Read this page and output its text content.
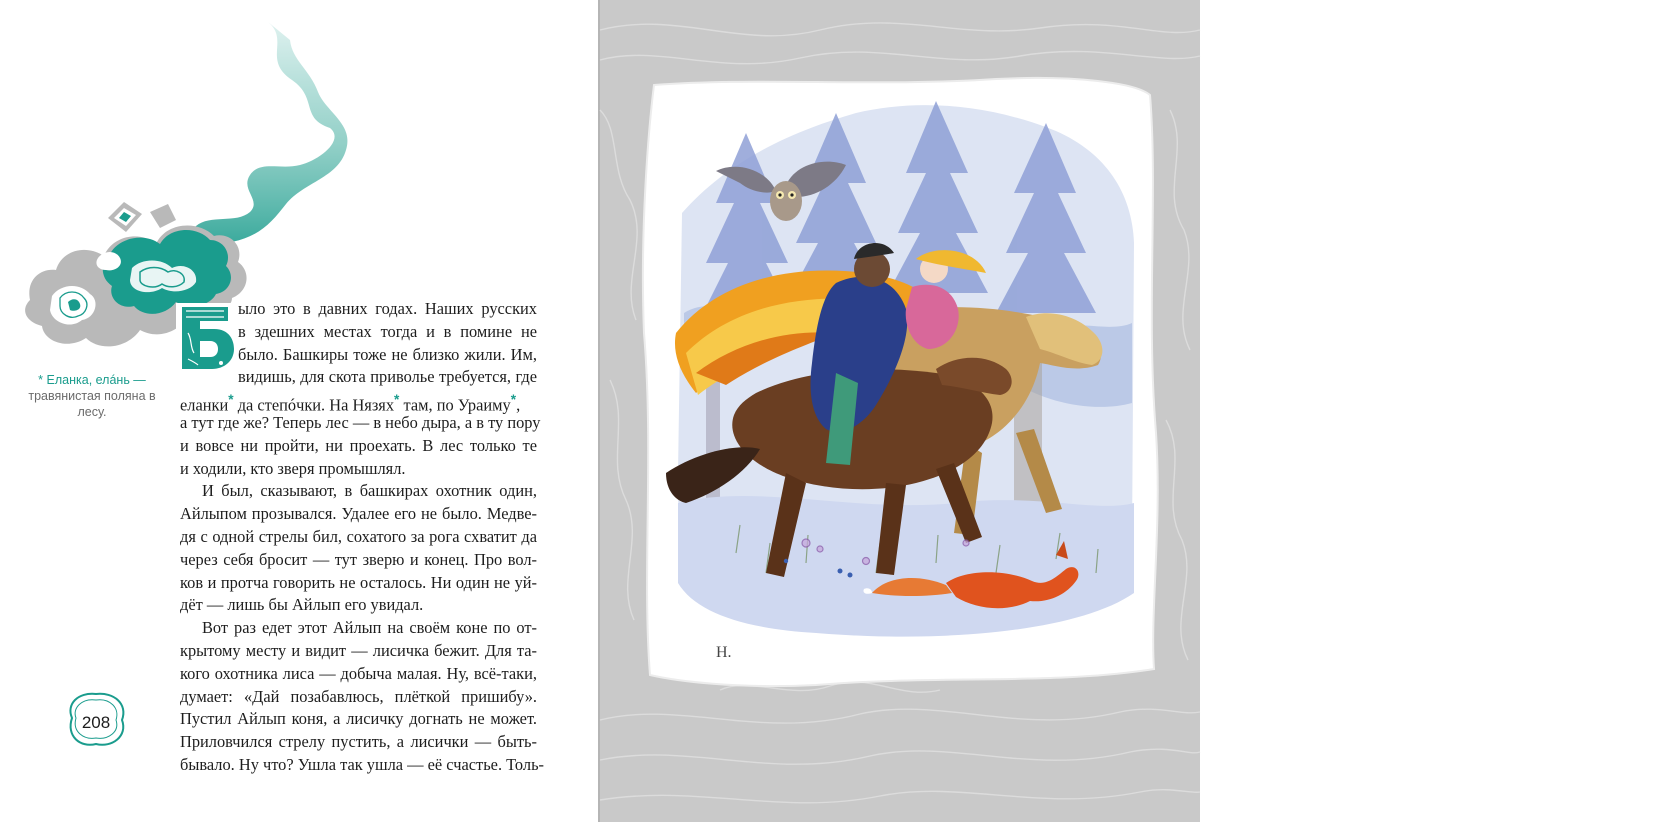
* Еланка, елáнь —
травянистая поляна в лесу.
ыло это в давних годах. Наших русских
в здешних местах тогда и в помине не
было. Башкиры тоже не близко жили. Им,
видишь, для скота приволье требуется, где
еланки* да степóчки. На Нязях* там, по Ураиму*,
а тут где же? Теперь лес — в небо дыра, а в ту пору
и вовсе ни пройти, ни проехать. В лес только те
и ходили, кто зверя промышлял.
И был, сказывают, в башкирах охотник один,
Айлыпом прозывался. Удалее его не было. Медве-
дя с одной стрелы бил, сохатого за рога схватит да
через себя бросит — тут зверю и конец. Про вол-
ков и протча говорить не осталось. Ни один не уй-
дёт — лишь бы Айлып его увидал.
Вот раз едет этот Айлып на своём коне по от-
крытому месту и видит — лисичка бежит. Для та-
кого охотника лиса — добыча малая. Ну, всё-таки,
думает: «Дай позабавлюсь, плёткой пришибу».
Пустил Айлып коня, а лисичку догнать не может.
Приловчился стрелу пустить, а лисички — быть-
бывало. Ну что? Ушла так ушла — её счастье. Толь-
208
Н.
Золотой Волос
